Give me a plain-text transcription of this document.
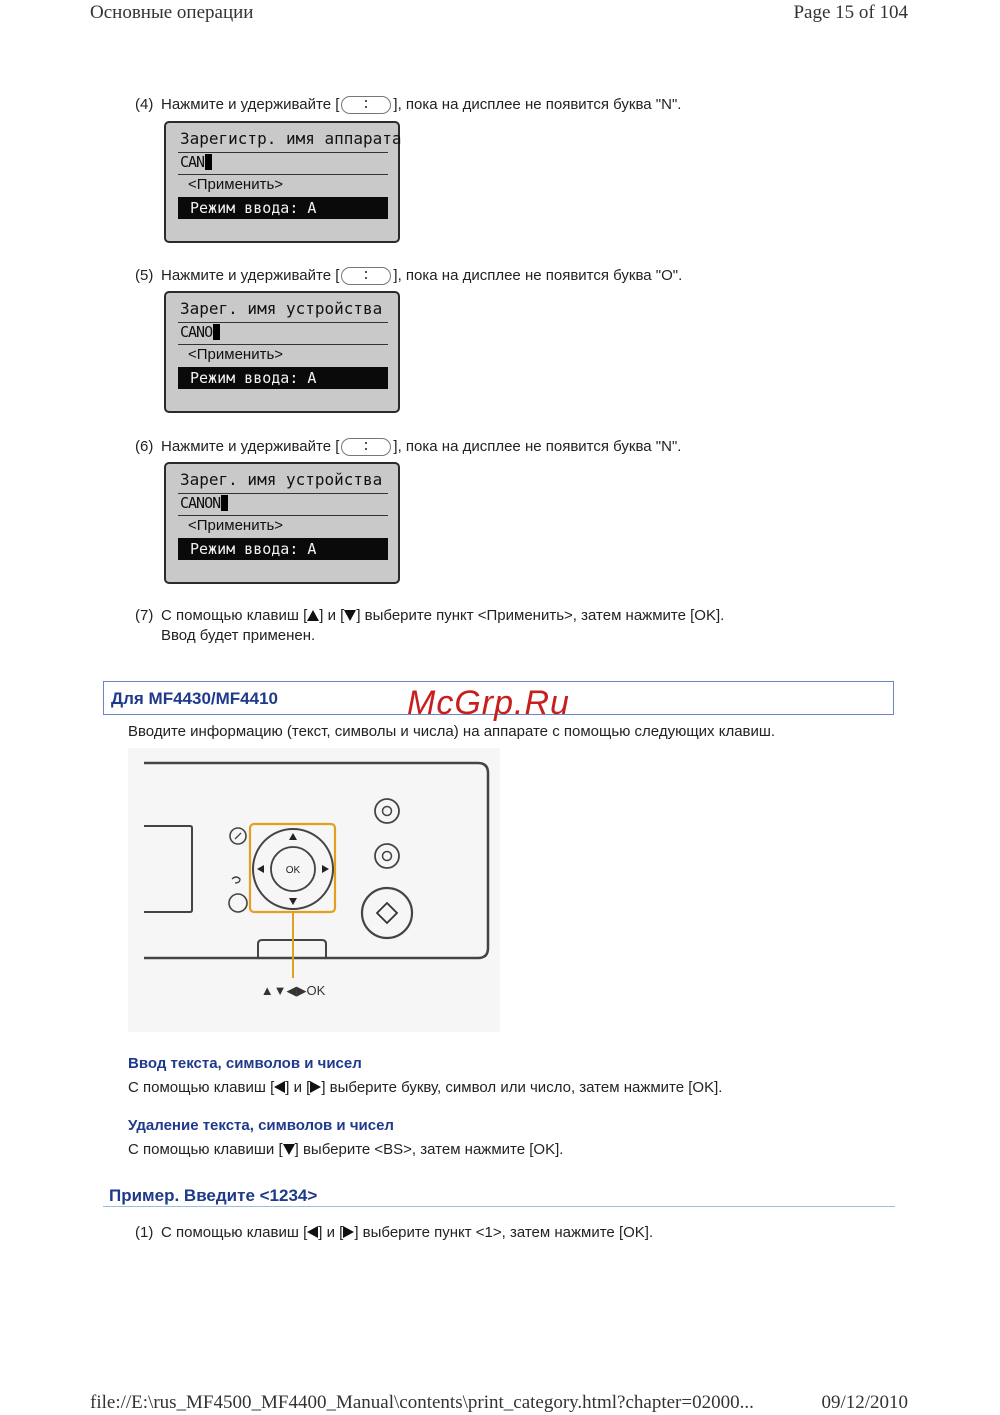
Основные операции	Page 15 of 104
(4) Нажмите и удерживайте [	], пока на дисплее не появится буква "N".
Зарегистр. имя аппарата
CAN
<Применить>
Режим ввода: A
(5) Нажмите и удерживайте [	], пока на дисплее не появится буква "O".
Зарег. имя устройства
CANO
<Применить>
Режим ввода: A
(6) Нажмите и удерживайте [	], пока на дисплее не появится буква "N".
Зарег. имя устройства
CANON
<Применить>
Режим ввода: A
(7) С помощью клавиш [ ] и [ ] выберите пункт <Применить>, затем нажмите [OK].
Ввод будет применен.
Для MF4430/MF4410	McGrp.Ru
Вводите информацию (текст, символы и числа) на аппарате с помощью следующих клавиш.
OK
▲▼◀▶OK
Ввод текста, символов и чисел
С помощью клавиш [ ] и [ ] выберите букву, символ или число, затем нажмите [OK].
Удаление текста, символов и чисел
С помощью клавиши [ ] выберите <BS>, затем нажмите [OK].
Пример. Введите <1234>
(1) С помощью клавиш [ ] и [ ] выберите пункт <1>, затем нажмите [OK].
file://E:\rus_MF4500_MF4400_Manual\contents\print_category.html?chapter=02000...	09/12/2010
